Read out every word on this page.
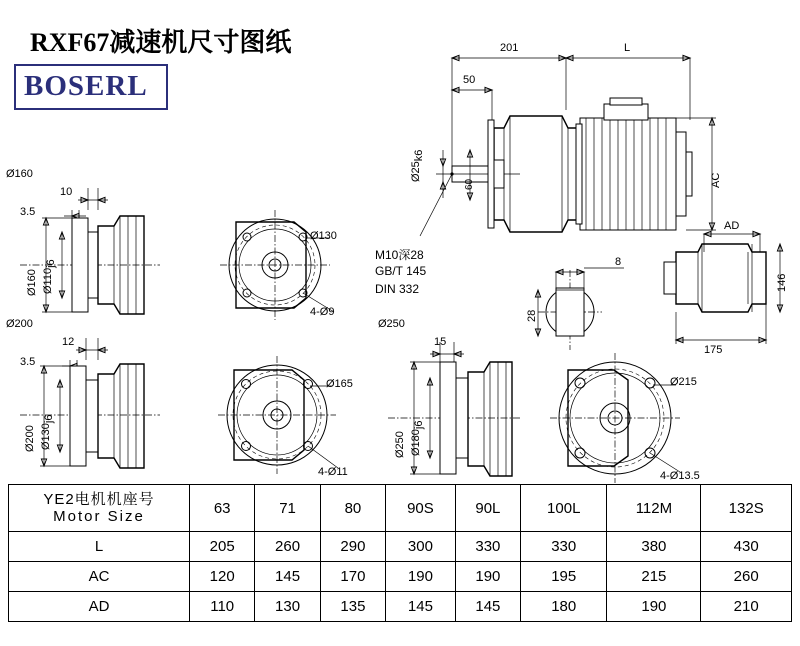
RXF67减速机尺寸图纸
BOSERL
201	L
50
Ø25k6
60	AC
M10深28
GB/T 145
DIN 332
8
28
AD
146
175
Ø160
10
3.5
Ø160 Ø110j6
Ø130
4-Ø9
Ø200
12
3.5
Ø200 Ø130j6
Ø165
4-Ø11
Ø250
15
Ø250 Ø180j6
Ø215
4-Ø13.5
YE2电机机座号
Motor Size	63	71	80	90S	90L	100L	112M	132S
L	205	260	290	300	330	330	380	430
AC	120	145	170	190	190	195	215	260
AD	110	130	135	145	145	180	190	210
